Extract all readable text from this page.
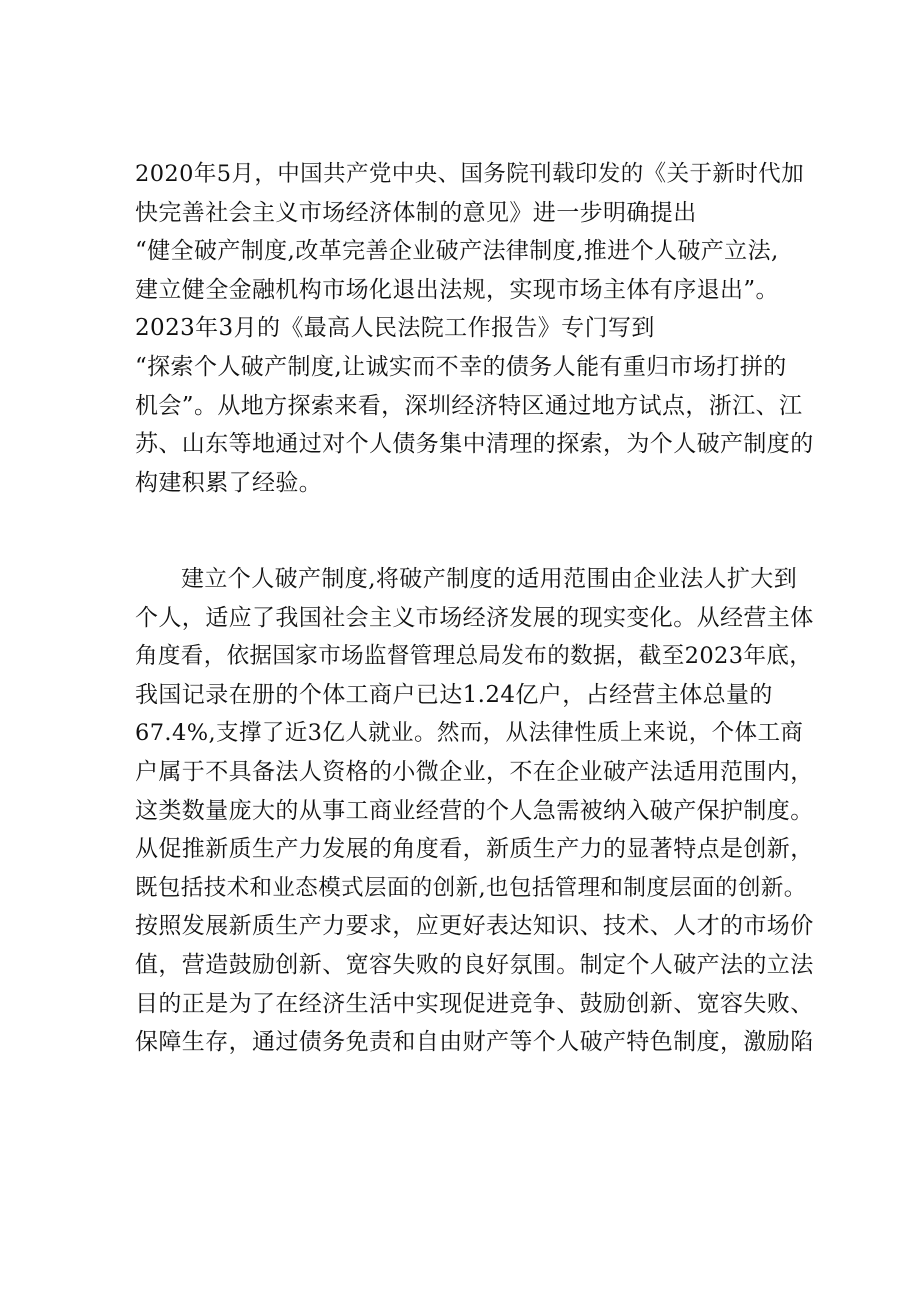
2020年5月，中国共产党中央、国务院刊载印发的《关于新时代加
快完善社会主义市场经济体制的意见》进一步明确提出
“健全破产制度,改革完善企业破产法律制度,推进个人破产立法,
建立健全金融机构市场化退出法规，实现市场主体有序退出”。
2023年3月的《最高人民法院工作报告》专门写到
“探索个人破产制度,让诚实而不幸的债务人能有重归市场打拼的
机会”。从地方探索来看，深圳经济特区通过地方试点，浙江、江
苏、山东等地通过对个人债务集中清理的探索，为个人破产制度的
构建积累了经验。
建立个人破产制度,将破产制度的适用范围由企业法人扩大到
个人，适应了我国社会主义市场经济发展的现实变化。从经营主体
角度看，依据国家市场监督管理总局发布的数据，截至2023年底，
我国记录在册的个体工商户已达1.24亿户，占经营主体总量的
67.4%,支撑了近3亿人就业。然而，从法律性质上来说，个体工商
户属于不具备法人资格的小微企业，不在企业破产法适用范围内，
这类数量庞大的从事工商业经营的个人急需被纳入破产保护制度。
从促推新质生产力发展的角度看，新质生产力的显著特点是创新，
既包括技术和业态模式层面的创新,也包括管理和制度层面的创新。
按照发展新质生产力要求，应更好表达知识、技术、人才的市场价
值，营造鼓励创新、宽容失败的良好氛围。制定个人破产法的立法
目的正是为了在经济生活中实现促进竞争、鼓励创新、宽容失败、
保障生存，通过债务免责和自由财产等个人破产特色制度，激励陷
